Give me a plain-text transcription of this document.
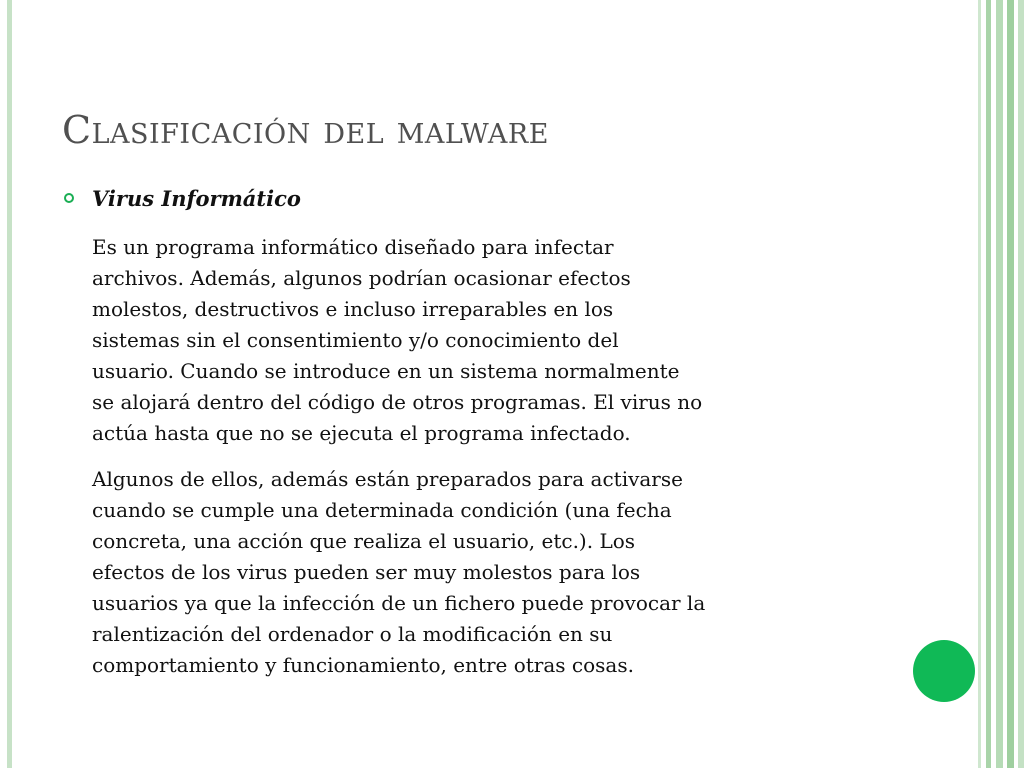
Clasificación del malware
Virus Informático

Es un programa informático diseñado para infectar
archivos. Además, algunos podrían ocasionar efectos
molestos, destructivos e incluso irreparables en los
sistemas sin el consentimiento y/o conocimiento del
usuario. Cuando se introduce en un sistema normalmente
se alojará dentro del código de otros programas. El virus no
actúa hasta que no se ejecuta el programa infectado.

Algunos de ellos, además están preparados para activarse
cuando se cumple una determinada condición (una fecha
concreta, una acción que realiza el usuario, etc.). Los
efectos de los virus pueden ser muy molestos para los
usuarios ya que la infección de un fichero puede provocar la
ralentización del ordenador o la modificación en su
comportamiento y funcionamiento, entre otras cosas.
